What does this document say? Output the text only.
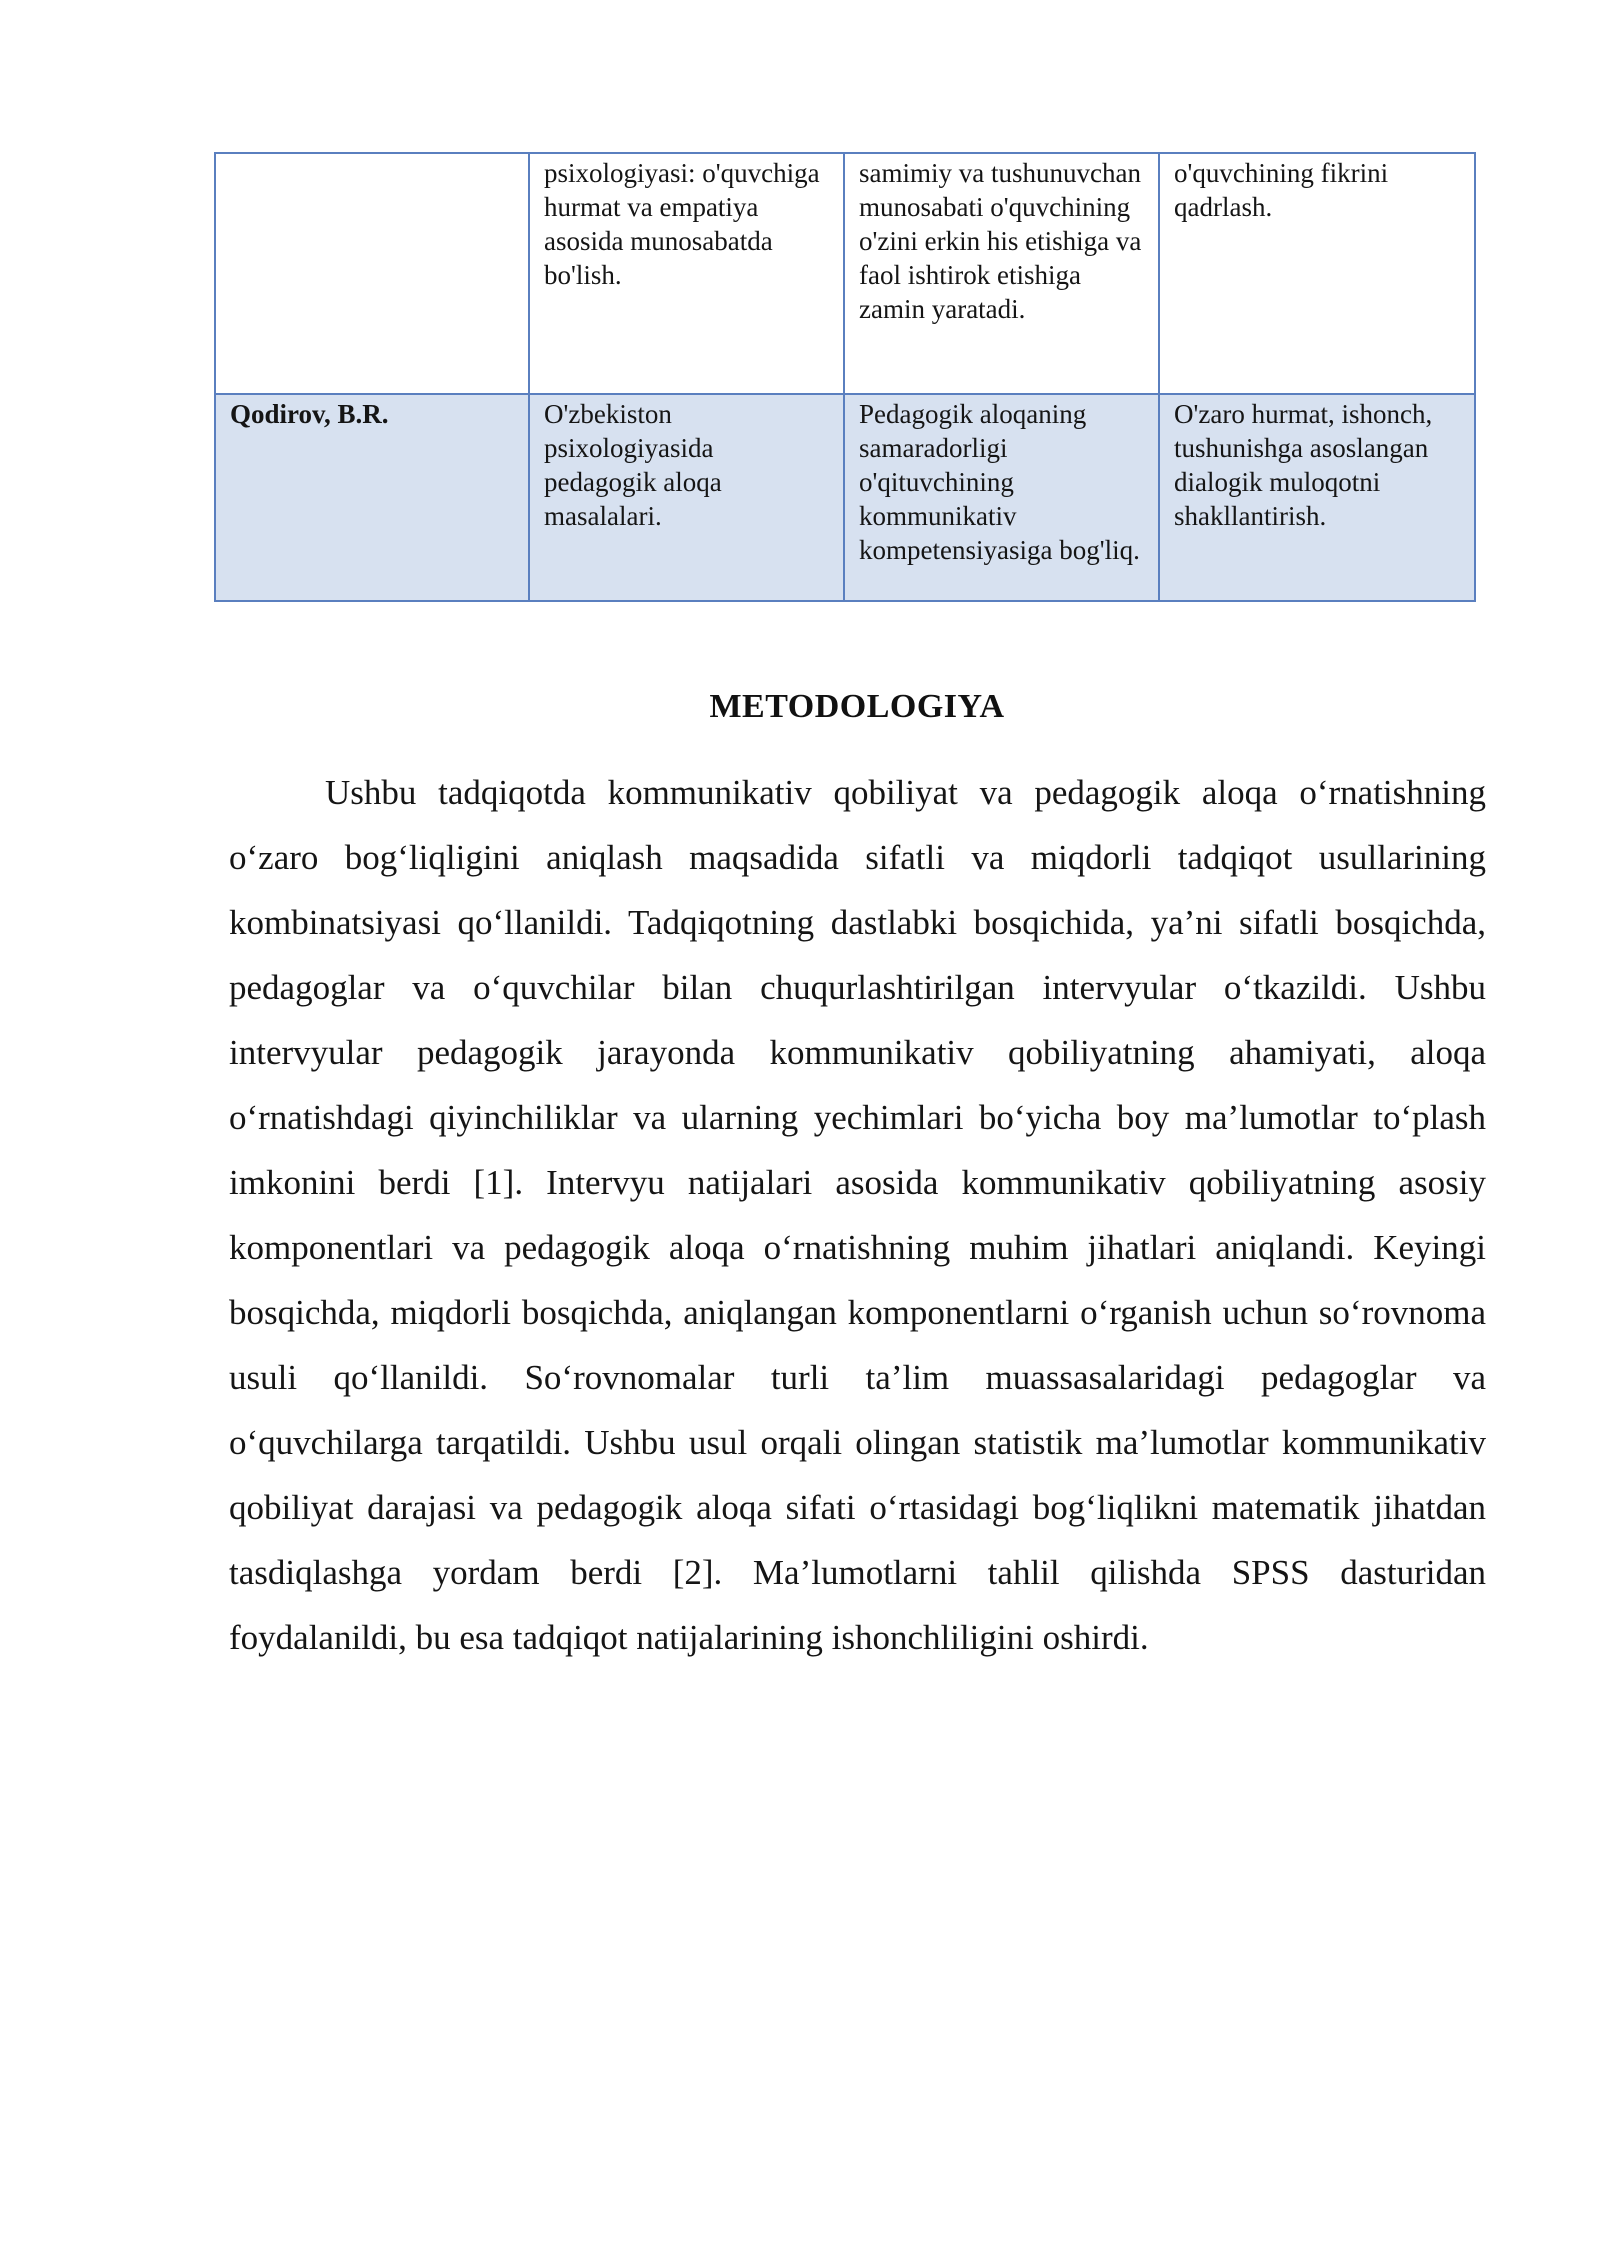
	psixologiyasi: o'quvchiga hurmat va empatiya asosida munosabatda bo'lish.	samimiy va tushunuvchan munosabati o'quvchining o'zini erkin his etishiga va faol ishtirok etishiga zamin yaratadi.	o'quvchining fikrini qadrlash.
Qodirov, B.R.	O'zbekiston psixologiyasida pedagogik aloqa masalalari.	Pedagogik aloqaning samaradorligi o'qituvchining kommunikativ kompetensiyasiga bog'liq.	O'zaro hurmat, ishonch, tushunishga asoslangan dialogik muloqotni shakllantirish.
METODOLOGIYA

Ushbu tadqiqotda kommunikativ qobiliyat va pedagogik aloqa o‘rnatishning o‘zaro bog‘liqligini aniqlash maqsadida sifatli va miqdorli tadqiqot usullarining kombinatsiyasi qo‘llanildi. Tadqiqotning dastlabki bosqichida, ya’ni sifatli bosqichda, pedagoglar va o‘quvchilar bilan chuqurlashtirilgan intervyular o‘tkazildi. Ushbu intervyular pedagogik jarayonda kommunikativ qobiliyatning ahamiyati, aloqa o‘rnatishdagi qiyinchiliklar va ularning yechimlari bo‘yicha boy ma’lumotlar to‘plash imkonini berdi [1]. Intervyu natijalari asosida kommunikativ qobiliyatning asosiy komponentlari va pedagogik aloqa o‘rnatishning muhim jihatlari aniqlandi. Keyingi bosqichda, miqdorli bosqichda, aniqlangan komponentlarni o‘rganish uchun so‘rovnoma usuli qo‘llanildi. So‘rovnomalar turli ta’lim muassasalaridagi pedagoglar va o‘quvchilarga tarqatildi. Ushbu usul orqali olingan statistik ma’lumotlar kommunikativ qobiliyat darajasi va pedagogik aloqa sifati o‘rtasidagi bog‘liqlikni matematik jihatdan tasdiqlashga yordam berdi [2]. Ma’lumotlarni tahlil qilishda SPSS dasturidan foydalanildi, bu esa tadqiqot natijalarining ishonchliligini oshirdi.
